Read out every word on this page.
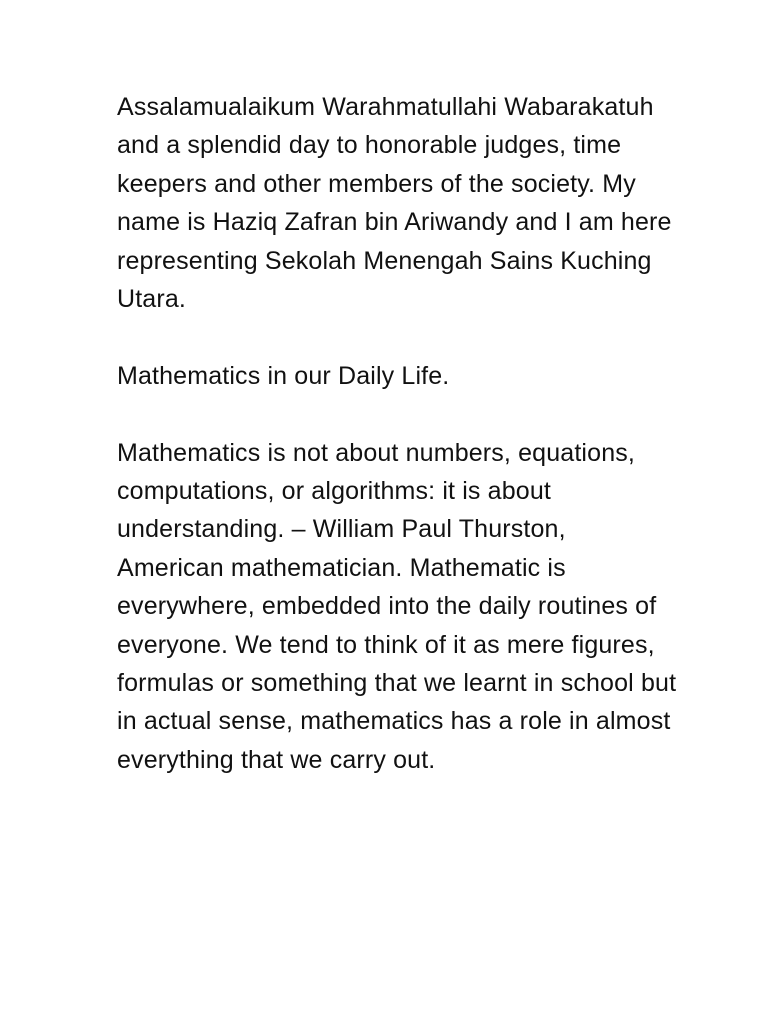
Assalamualaikum Warahmatullahi Wabarakatuh and a splendid day to honorable judges, time keepers and other members of the society. My name is Haziq Zafran bin Ariwandy and I am here representing Sekolah Menengah Sains Kuching Utara.

Mathematics in our Daily Life.

Mathematics is not about numbers, equations, computations, or algorithms: it is about understanding. – William Paul Thurston, American mathematician. Mathematic is everywhere, embedded into the daily routines of everyone. We tend to think of it as mere figures, formulas or something that we learnt in school but in actual sense, mathematics has a role in almost everything that we carry out.
